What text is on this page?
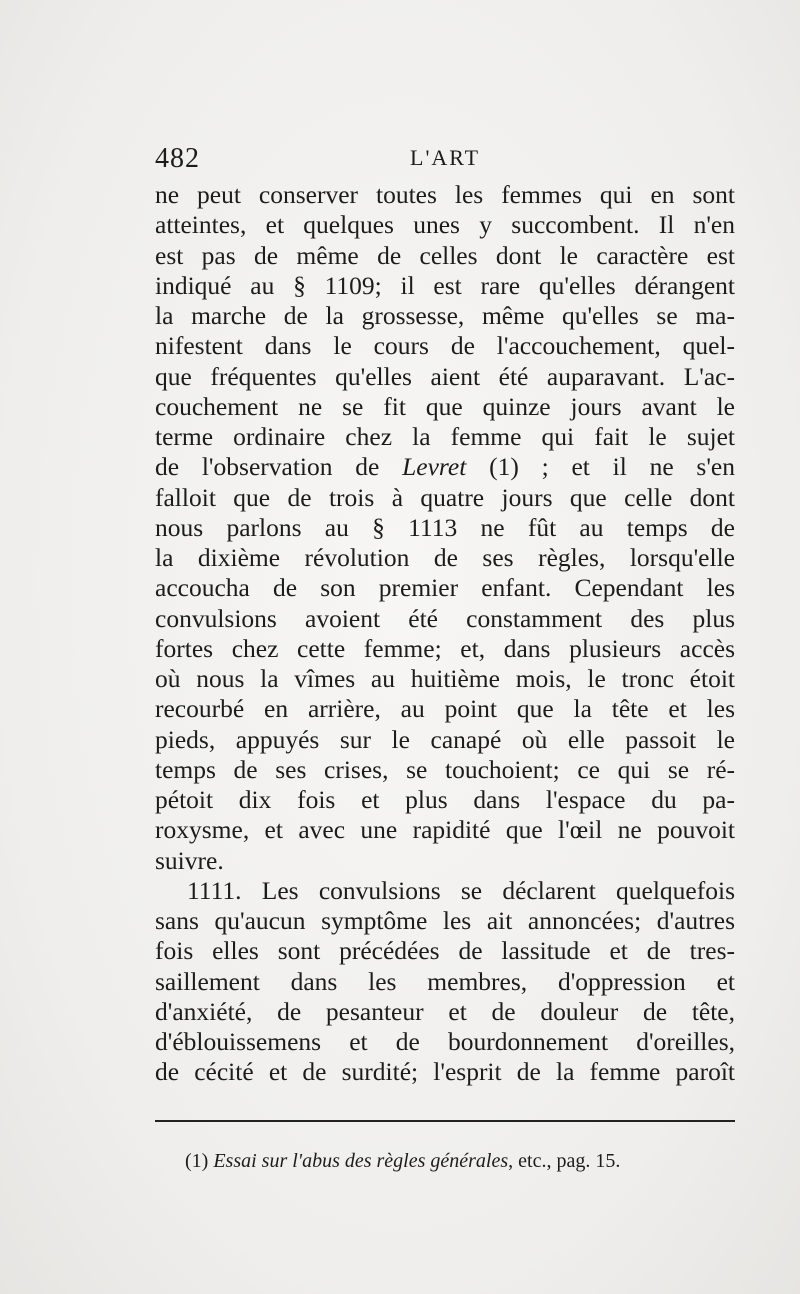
482	L'ART
ne peut conserver toutes les femmes qui en sont
atteintes, et quelques unes y succombent. Il n'en
est pas de même de celles dont le caractère est
indiqué au § 1109; il est rare qu'elles dérangent
la marche de la grossesse, même qu'elles se ma-
nifestent dans le cours de l'accouchement, quel-
que fréquentes qu'elles aient été auparavant. L'ac-
couchement ne se fit que quinze jours avant le
terme ordinaire chez la femme qui fait le sujet
de l'observation de Levret (1) ; et il ne s'en
falloit que de trois à quatre jours que celle dont
nous parlons au § 1113 ne fût au temps de
la dixième révolution de ses règles, lorsqu'elle
accoucha de son premier enfant. Cependant les
convulsions avoient été constamment des plus
fortes chez cette femme; et, dans plusieurs accès
où nous la vîmes au huitième mois, le tronc étoit
recourbé en arrière, au point que la tête et les
pieds, appuyés sur le canapé où elle passoit le
temps de ses crises, se touchoient; ce qui se ré-
pétoit dix fois et plus dans l'espace du pa-
roxysme, et avec une rapidité que l'œil ne pouvoit
suivre.
1111. Les convulsions se déclarent quelquefois
sans qu'aucun symptôme les ait annoncées; d'autres
fois elles sont précédées de lassitude et de tres-
saillement dans les membres, d'oppression et
d'anxiété, de pesanteur et de douleur de tête,
d'éblouissemens et de bourdonnement d'oreilles,
de cécité et de surdité; l'esprit de la femme paroît
(1) Essai sur l'abus des règles générales, etc., pag. 15.
